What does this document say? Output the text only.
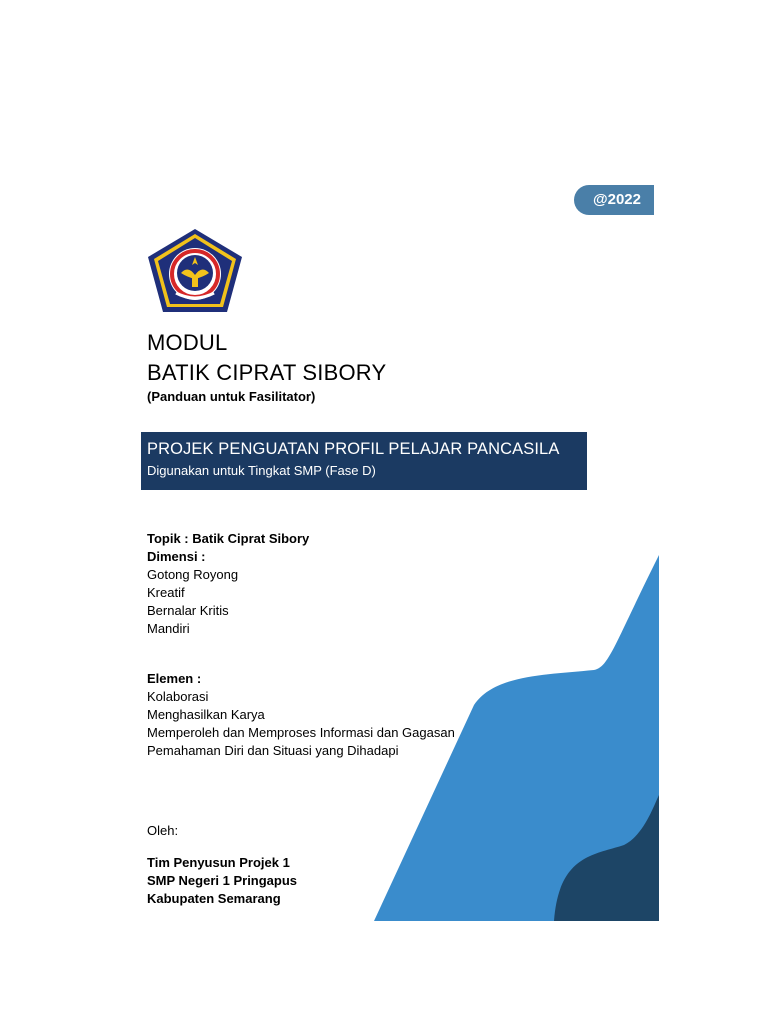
@2022
MODUL
BATIK CIPRAT SIBORY
(Panduan untuk Fasilitator)
PROJEK PENGUATAN PROFIL PELAJAR PANCASILA
Digunakan untuk Tingkat SMP (Fase D)
Topik : Batik Ciprat Sibory
Dimensi :
Gotong Royong
Kreatif
Bernalar Kritis
Mandiri
Elemen :
Kolaborasi
Menghasilkan Karya
Memperoleh dan Memproses Informasi dan Gagasan
Pemahaman Diri dan Situasi yang Dihadapi
Oleh:
Tim Penyusun Projek 1
SMP Negeri 1 Pringapus
Kabupaten Semarang
